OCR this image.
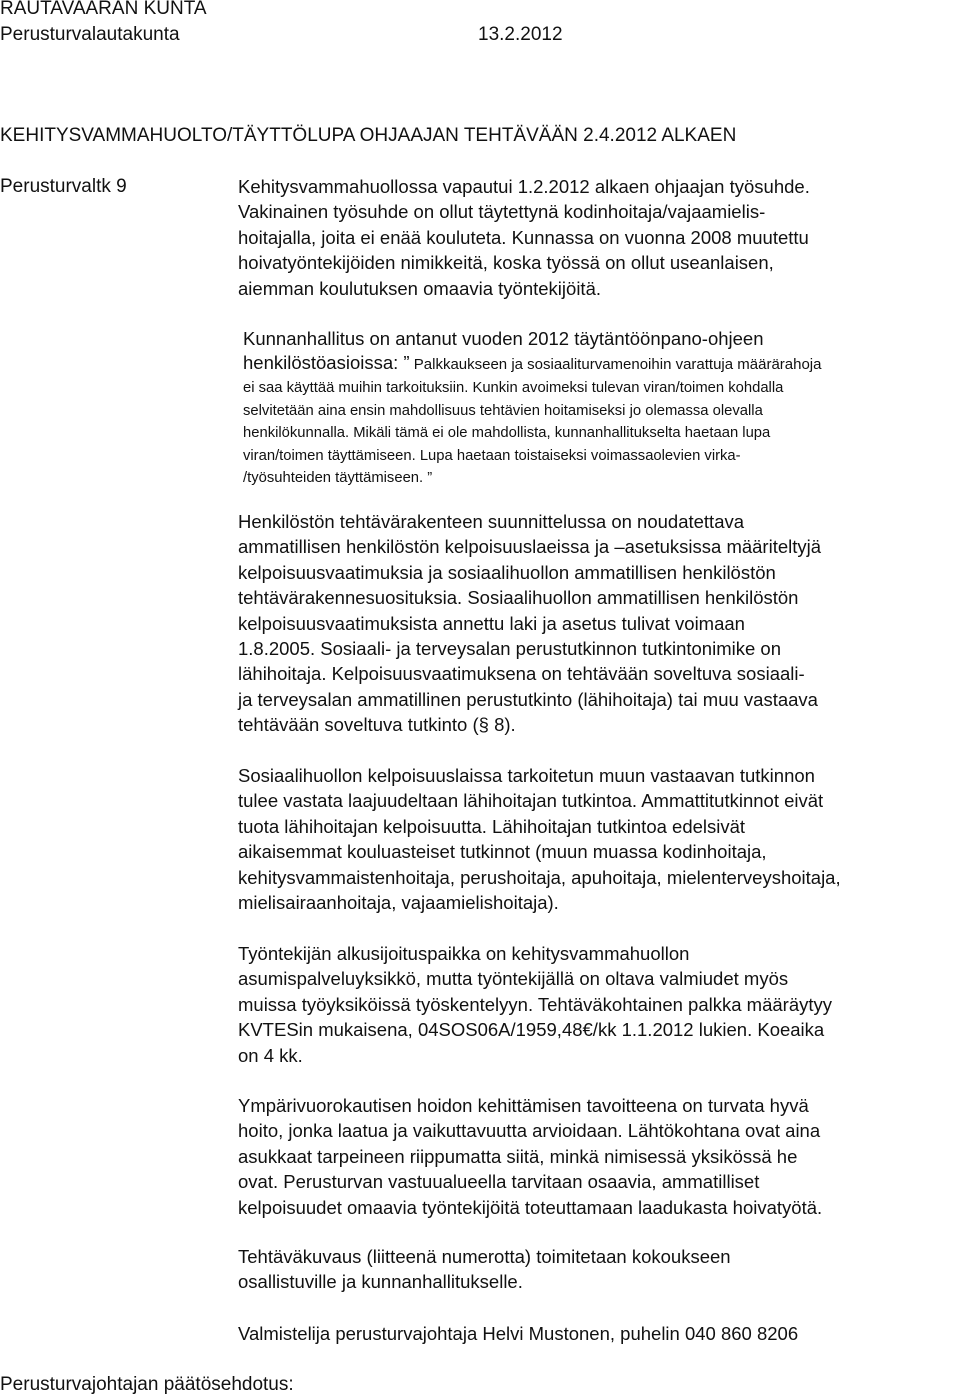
RAUTAVAARAN KUNTA
Perusturvalautakunta	13.2.2012
KEHITYSVAMMAHUOLTO/TÄYTTÖLUPA OHJAAJAN TEHTÄVÄÄN 2.4.2012 ALKAEN
Perusturvaltk 9	Kehitysvammahuollossa vapautui 1.2.2012 alkaen ohjaajan työsuhde.
Vakinainen työsuhde on ollut täytettynä kodinhoitaja/vajaamielis-
hoitajalla, joita ei enää kouluteta. Kunnassa on vuonna 2008 muutettu
hoivatyöntekijöiden nimikkeitä, koska työssä on ollut useanlaisen,
aiemman koulutuksen omaavia työntekijöitä.
Kunnanhallitus on antanut vuoden 2012 täytäntöönpano-ohjeen
henkilöstöasioissa: ” Palkkaukseen ja sosiaaliturvamenoihin varattuja määrärahoja
ei saa käyttää muihin tarkoituksiin. Kunkin avoimeksi tulevan viran/toimen kohdalla
selvitetään aina ensin mahdollisuus tehtävien hoitamiseksi jo olemassa olevalla
henkilökunnalla. Mikäli tämä ei ole mahdollista, kunnanhallitukselta haetaan lupa
viran/toimen täyttämiseen. Lupa haetaan toistaiseksi voimassaolevien virka-
/työsuhteiden täyttämiseen. ”
Henkilöstön tehtävärakenteen suunnittelussa on noudatettava
ammatillisen henkilöstön kelpoisuuslaeissa ja –asetuksissa määriteltyjä
kelpoisuusvaatimuksia ja sosiaalihuollon ammatillisen henkilöstön
tehtävärakennesuosituksia. Sosiaalihuollon ammatillisen henkilöstön
kelpoisuusvaatimuksista annettu laki ja asetus tulivat voimaan
1.8.2005. Sosiaali- ja terveysalan perustutkinnon tutkintonimike on
lähihoitaja. Kelpoisuusvaatimuksena on tehtävään soveltuva sosiaali-
ja terveysalan ammatillinen perustutkinto (lähihoitaja) tai muu vastaava
tehtävään soveltuva tutkinto (§ 8).
Sosiaalihuollon kelpoisuuslaissa tarkoitetun muun vastaavan tutkinnon
tulee vastata laajuudeltaan lähihoitajan tutkintoa. Ammattitutkinnot eivät
tuota lähihoitajan kelpoisuutta. Lähihoitajan tutkintoa edelsivät
aikaisemmat kouluasteiset tutkinnot (muun muassa kodinhoitaja,
kehitysvammaistenhoitaja, perushoitaja, apuhoitaja, mielenterveyshoitaja,
mielisairaanhoitaja, vajaamielishoitaja).
Työntekijän alkusijoituspaikka on kehitysvammahuollon
asumispalveluyksikkö, mutta työntekijällä on oltava valmiudet myös
muissa työyksiköissä työskentelyyn. Tehtäväkohtainen palkka määräytyy
KVTESin mukaisena, 04SOS06A/1959,48€/kk 1.1.2012 lukien. Koeaika
on 4 kk.
Ympärivuorokautisen hoidon kehittämisen tavoitteena on turvata hyvä
hoito, jonka laatua ja vaikuttavuutta arvioidaan. Lähtökohtana ovat aina
asukkaat tarpeineen riippumatta siitä, minkä nimisessä yksikössä he
ovat. Perusturvan vastuualueella tarvitaan osaavia, ammatilliset
kelpoisuudet omaavia työntekijöitä toteuttamaan laadukasta hoivatyötä.
Tehtäväkuvaus (liitteenä numerotta) toimitetaan kokoukseen
osallistuville ja kunnanhallitukselle.
Valmistelija perusturvajohtaja Helvi Mustonen, puhelin 040 860 8206
Perusturvajohtajan päätösehdotus:
